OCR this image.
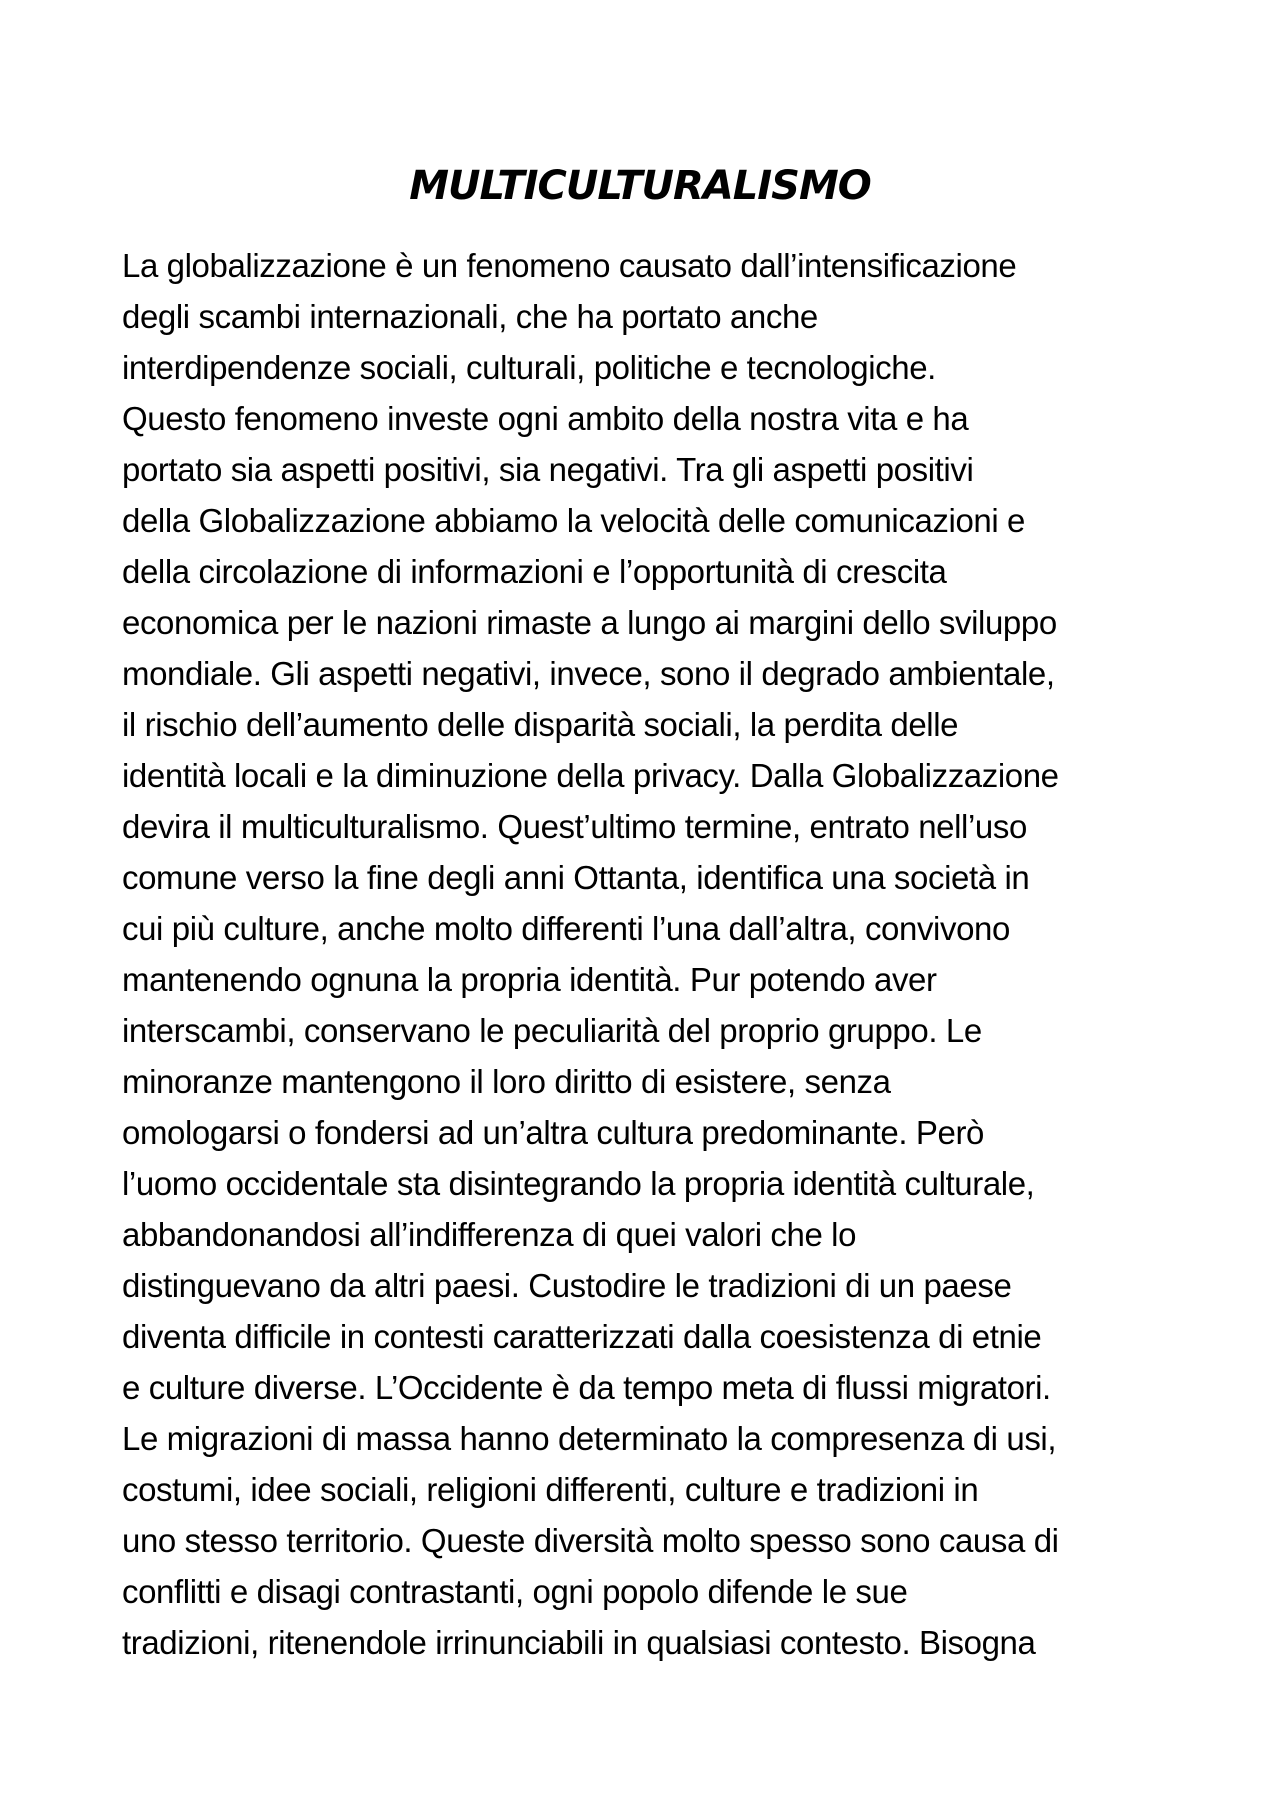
MULTICULTURALISMO
La globalizzazione è un fenomeno causato dall’intensificazione
degli scambi internazionali, che ha portato anche
interdipendenze sociali, culturali, politiche e tecnologiche.
Questo fenomeno investe ogni ambito della nostra vita e ha
portato sia aspetti positivi, sia negativi. Tra gli aspetti positivi
della Globalizzazione abbiamo la velocità delle comunicazioni e
della circolazione di informazioni e l’opportunità di crescita
economica per le nazioni rimaste a lungo ai margini dello sviluppo
mondiale. Gli aspetti negativi, invece, sono il degrado ambientale,
il rischio dell’aumento delle disparità sociali, la perdita delle
identità locali e la diminuzione della privacy. Dalla Globalizzazione
devira il multiculturalismo. Quest’ultimo termine, entrato nell’uso
comune verso la fine degli anni Ottanta, identifica una società in
cui più culture, anche molto differenti l’una dall’altra, convivono
mantenendo ognuna la propria identità. Pur potendo aver
interscambi, conservano le peculiarità del proprio gruppo. Le
minoranze mantengono il loro diritto di esistere, senza
omologarsi o fondersi ad un’altra cultura predominante. Però
l’uomo occidentale sta disintegrando la propria identità culturale,
abbandonandosi all’indifferenza di quei valori che lo
distinguevano da altri paesi. Custodire le tradizioni di un paese
diventa difficile in contesti caratterizzati dalla coesistenza di etnie
e culture diverse. L’Occidente è da tempo meta di flussi migratori.
Le migrazioni di massa hanno determinato la compresenza di usi,
costumi, idee sociali, religioni differenti, culture e tradizioni in
uno stesso territorio. Queste diversità molto spesso sono causa di
conflitti e disagi contrastanti, ogni popolo difende le sue
tradizioni, ritenendole irrinunciabili in qualsiasi contesto. Bisogna
